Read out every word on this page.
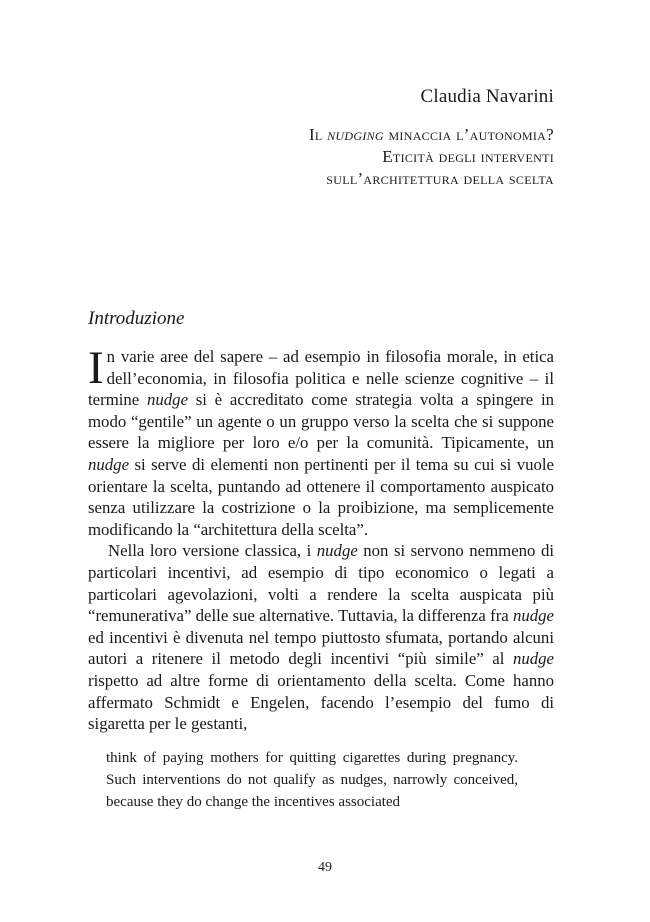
Claudia Navarini
Il nudging minaccia l’autonomia?
Eticità degli interventi
sull’architettura della scelta
Introduzione

In varie aree del sapere – ad esempio in filosofia morale, in etica dell’economia, in filosofia politica e nelle scienze cognitive – il termine nudge si è accreditato come strategia volta a spingere in modo “gentile” un agente o un gruppo verso la scelta che si suppone essere la migliore per loro e/o per la comunità. Tipicamente, un nudge si serve di elementi non pertinenti per il tema su cui si vuole orientare la scelta, puntando ad ottenere il comportamento auspicato senza utilizzare la costrizione o la proibizione, ma semplicemente modificando la “architettura della scelta”.

Nella loro versione classica, i nudge non si servono nemmeno di particolari incentivi, ad esempio di tipo economico o legati a particolari agevolazioni, volti a rendere la scelta auspicata più “remunerativa” delle sue alternative. Tuttavia, la differenza fra nudge ed incentivi è divenuta nel tempo piuttosto sfumata, portando alcuni autori a ritenere il metodo degli incentivi “più simile” al nudge rispetto ad altre forme di orientamento della scelta. Come hanno affermato Schmidt e Engelen, facendo l’esempio del fumo di sigaretta per le gestanti,

think of paying mothers for quitting cigarettes during pregnancy. Such interventions do not qualify as nudges, narrowly conceived, because they do change the incentives associated

49
